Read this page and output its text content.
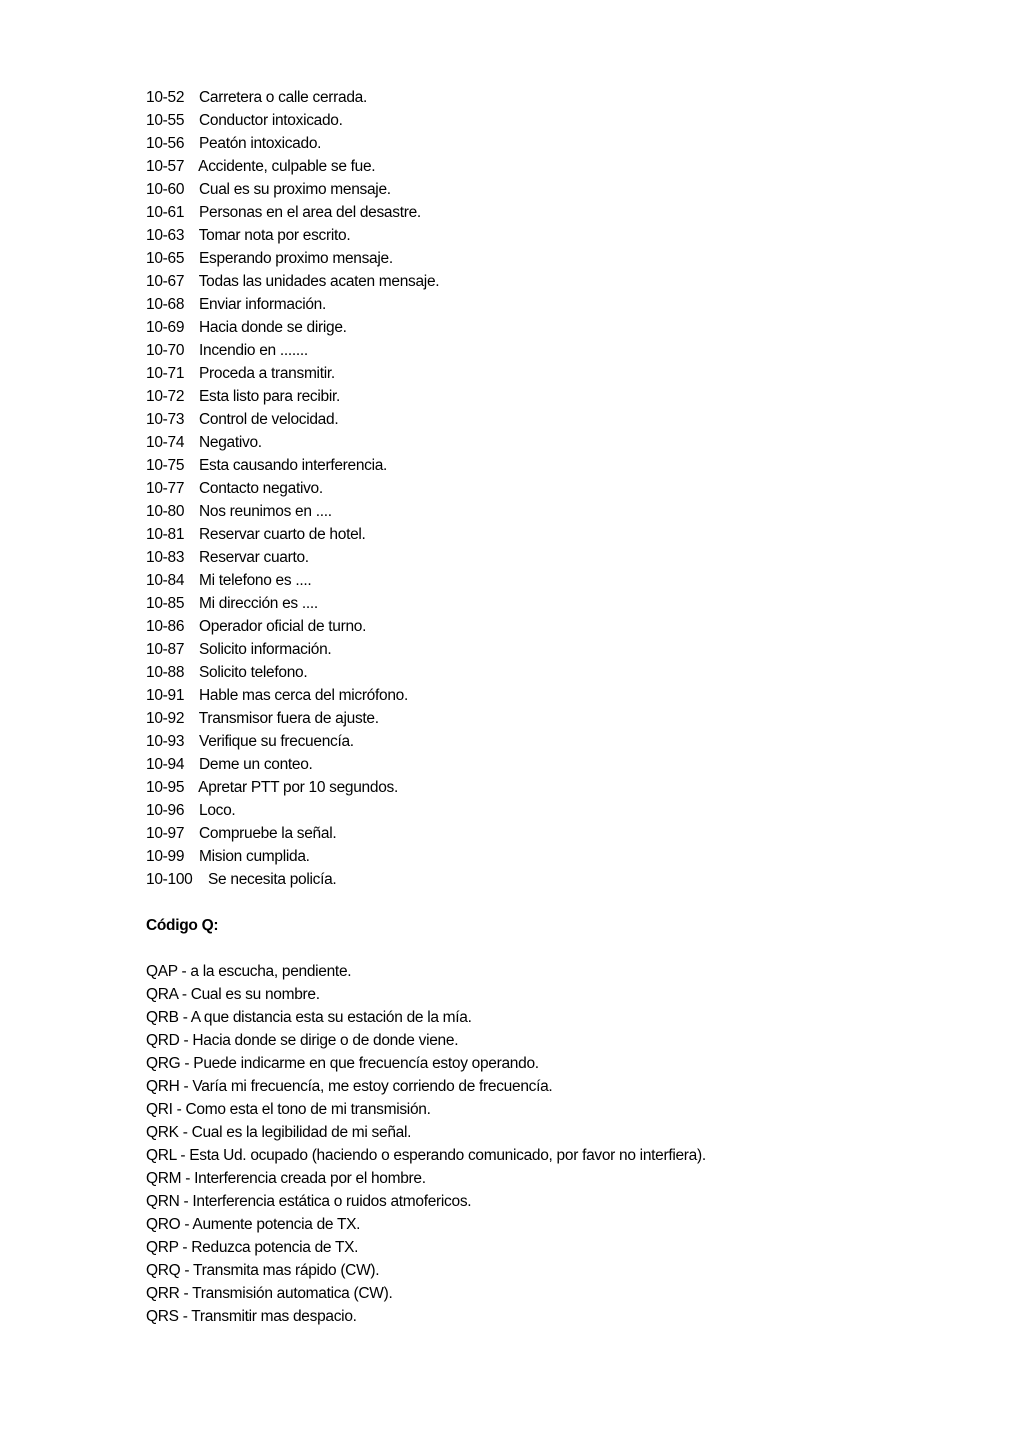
10-52 Carretera o calle cerrada.
10-55 Conductor intoxicado.
10-56 Peatón intoxicado.
10-57 Accidente, culpable se fue.
10-60 Cual es su proximo mensaje.
10-61 Personas en el area del desastre.
10-63 Tomar nota por escrito.
10-65 Esperando proximo mensaje.
10-67 Todas las unidades acaten mensaje.
10-68 Enviar información.
10-69 Hacia donde se dirige.
10-70 Incendio en .......
10-71 Proceda a transmitir.
10-72 Esta listo para recibir.
10-73 Control de velocidad.
10-74 Negativo.
10-75 Esta causando interferencia.
10-77 Contacto negativo.
10-80 Nos reunimos en ....
10-81 Reservar cuarto de hotel.
10-83 Reservar cuarto.
10-84 Mi telefono es ....
10-85 Mi dirección es ....
10-86 Operador oficial de turno.
10-87 Solicito información.
10-88 Solicito telefono.
10-91 Hable mas cerca del micrófono.
10-92 Transmisor fuera de ajuste.
10-93 Verifique su frecuencía.
10-94 Deme un conteo.
10-95 Apretar PTT por 10 segundos.
10-96 Loco.
10-97 Compruebe la señal.
10-99 Mision cumplida.
10-100 Se necesita policía.
Código Q:
QAP - a la escucha, pendiente.
QRA - Cual es su nombre.
QRB - A que distancia esta su estación de la mía.
QRD - Hacia donde se dirige o de donde viene.
QRG - Puede indicarme en que frecuencía estoy operando.
QRH - Varía mi frecuencía, me estoy corriendo de frecuencía.
QRI - Como esta el tono de mi transmisión.
QRK - Cual es la legibilidad de mi señal.
QRL - Esta Ud. ocupado (haciendo o esperando comunicado, por favor no interfiera).
QRM - Interferencia creada por el hombre.
QRN - Interferencia estática o ruidos atmofericos.
QRO - Aumente potencia de TX.
QRP - Reduzca potencia de TX.
QRQ - Transmita mas rápido (CW).
QRR - Transmisión automatica (CW).
QRS - Transmitir mas despacio.
